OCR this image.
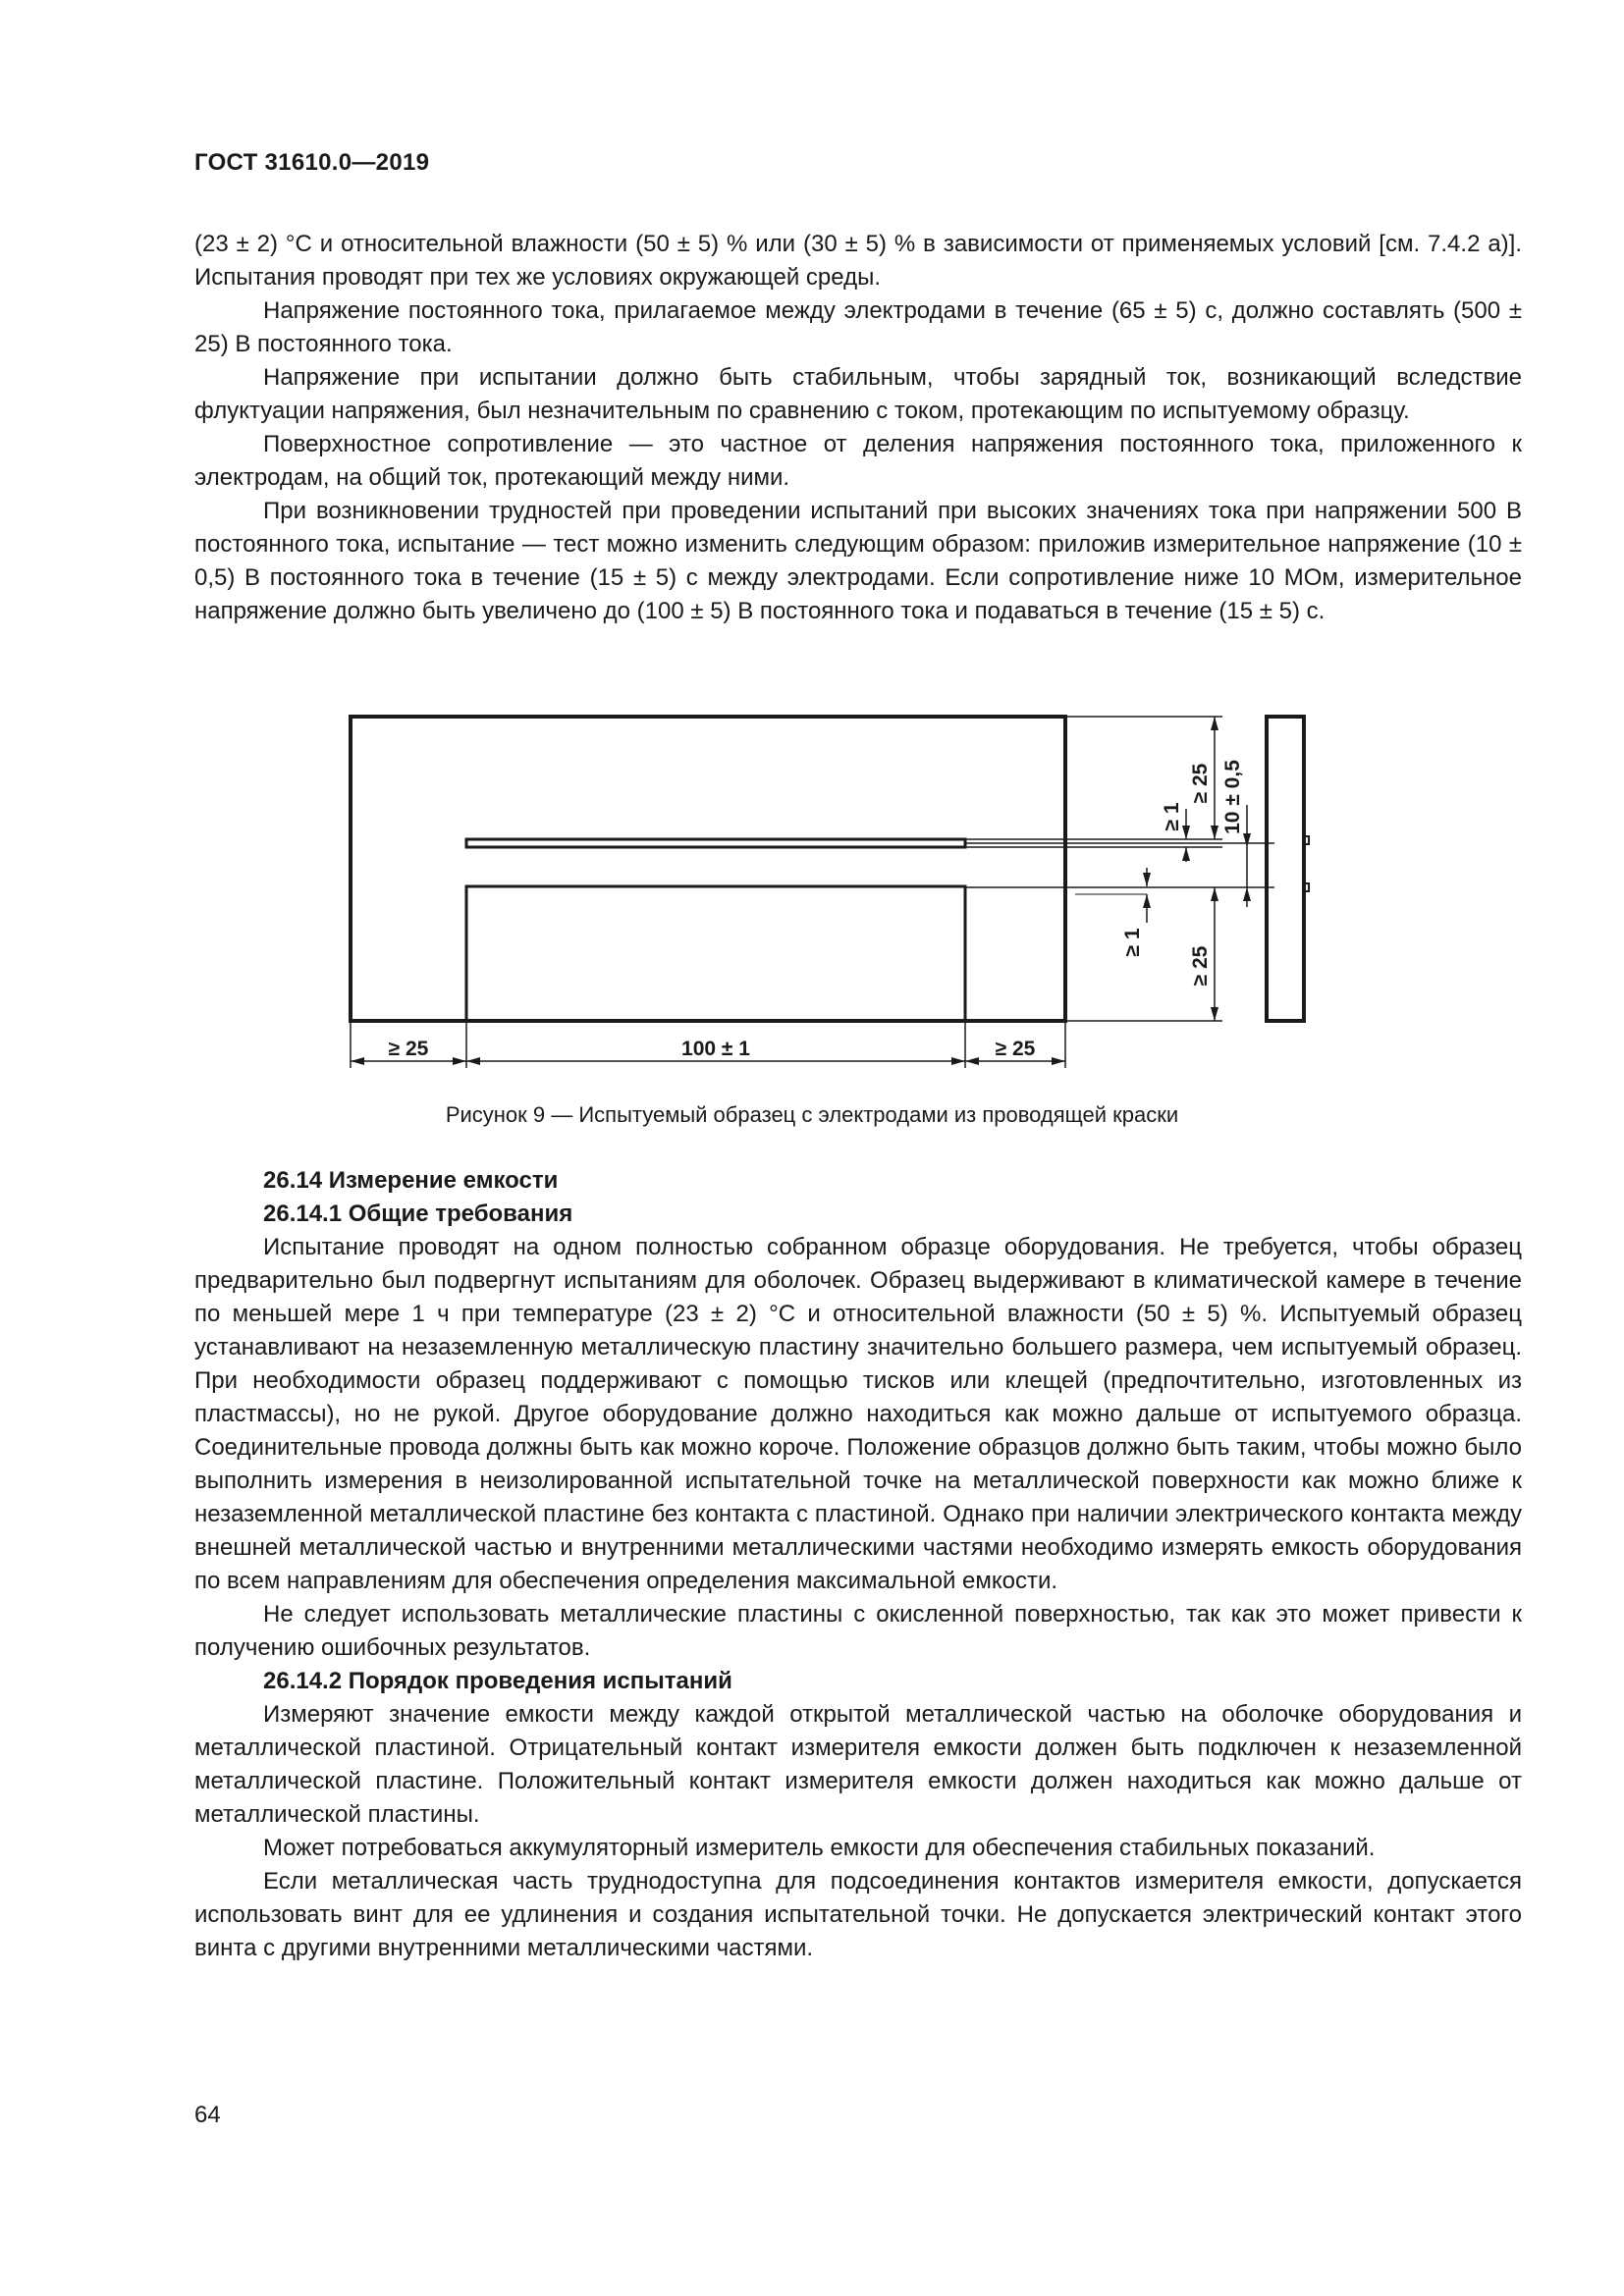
ГОСТ 31610.0—2019

(23 ± 2) °С и относительной влажности (50 ± 5) % или (30 ± 5) % в зависимости от применяемых условий [см. 7.4.2 а)]. Испытания проводят при тех же условиях окружающей среды.

Напряжение постоянного тока, прилагаемое между электродами в течение (65 ± 5) с, должно составлять (500 ± 25) В постоянного тока.

Напряжение при испытании должно быть стабильным, чтобы зарядный ток, возникающий вследствие флуктуации напряжения, был незначительным по сравнению с током, протекающим по испытуемому образцу.

Поверхностное сопротивление — это частное от деления напряжения постоянного тока, приложенного к электродам, на общий ток, протекающий между ними.

При возникновении трудностей при проведении испытаний при высоких значениях тока при напряжении 500 В постоянного тока, испытание — тест можно изменить следующим образом: приложив измерительное напряжение (10 ± 0,5) В постоянного тока в течение (15 ± 5) с между электродами. Если сопротивление ниже 10 МОм, измерительное напряжение должно быть увеличено до (100 ± 5) В постоянного тока и подаваться в течение (15 ± 5) с.

≥ 25	100 ± 1	≥ 25
≥ 25
≥ 1 10 ± 0,5
≥ 1
≥ 25
Рисунок 9 — Испытуемый образец с электродами из проводящей краски

26.14 Измерение емкости

26.14.1 Общие требования

Испытание проводят на одном полностью собранном образце оборудования. Не требуется, чтобы образец предварительно был подвергнут испытаниям для оболочек. Образец выдерживают в климатической камере в течение по меньшей мере 1 ч при температуре (23 ± 2) °С и относительной влажности (50 ± 5) %. Испытуемый образец устанавливают на незаземленную металлическую пластину значительно большего размера, чем испытуемый образец. При необходимости образец поддерживают с помощью тисков или клещей (предпочтительно, изготовленных из пластмассы), но не рукой. Другое оборудование должно находиться как можно дальше от испытуемого образца. Соединительные провода должны быть как можно короче. Положение образцов должно быть таким, чтобы можно было выполнить измерения в неизолированной испытательной точке на металлической поверхности как можно ближе к незаземленной металлической пластине без контакта с пластиной. Однако при наличии электрического контакта между внешней металлической частью и внутренними металлическими частями необходимо измерять емкость оборудования по всем направлениям для обеспечения определения максимальной емкости.

Не следует использовать металлические пластины с окисленной поверхностью, так как это может привести к получению ошибочных результатов.

26.14.2 Порядок проведения испытаний

Измеряют значение емкости между каждой открытой металлической частью на оболочке оборудования и металлической пластиной. Отрицательный контакт измерителя емкости должен быть подключен к незаземленной металлической пластине. Положительный контакт измерителя емкости должен находиться как можно дальше от металлической пластины.

Может потребоваться аккумуляторный измеритель емкости для обеспечения стабильных показаний.

Если металлическая часть труднодоступна для подсоединения контактов измерителя емкости, допускается использовать винт для ее удлинения и создания испытательной точки. Не допускается электрический контакт этого винта с другими внутренними металлическими частями.

64
